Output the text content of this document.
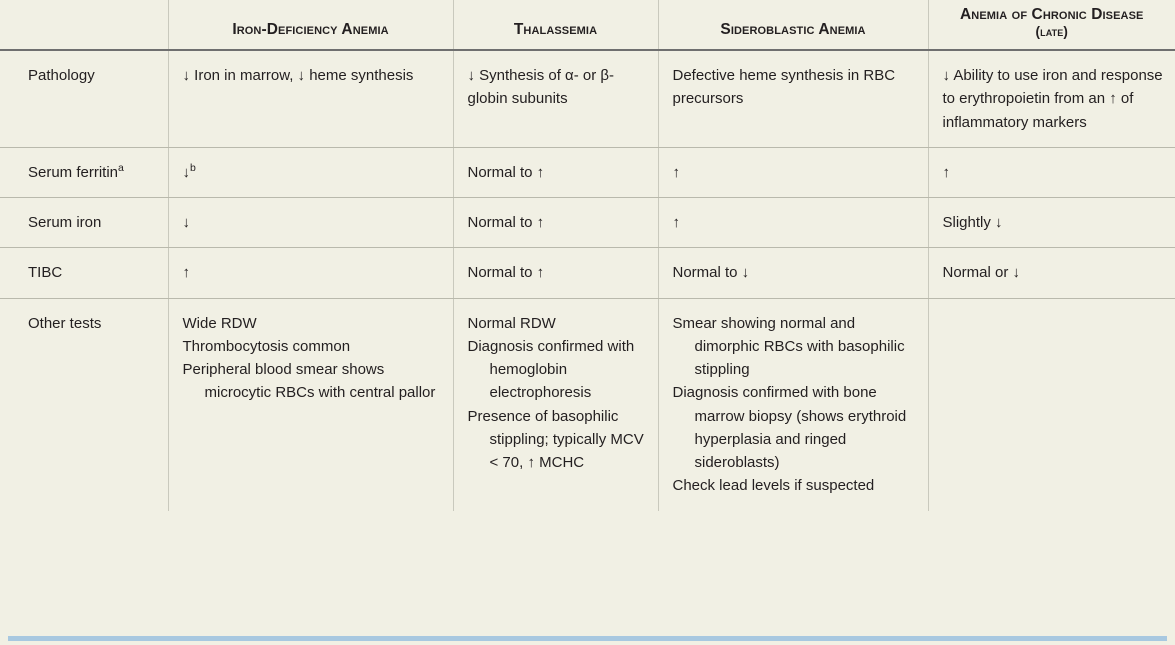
	Iron-Deficiency Anemia	Thalassemia	Sideroblastic Anemia	Anemia of Chronic Disease
(late)

Pathology	↓ Iron in marrow, ↓ heme synthesis	↓ Synthesis of α- or β-globin subunits	Defective heme synthesis in RBC precursors	↓ Ability to use iron and response to erythropoietin from an ↑ of inflammatory markers

Serum ferritin$^a$	↓$^b$	Normal to ↑	↑	↑

Serum iron	↓	Normal to ↑	↑	Slightly ↓

TIBC	↑	Normal to ↑	Normal to ↓	Normal or ↓

Other tests	Wide RDW
Thrombocytosis common
Peripheral blood smear shows microcytic RBCs with central pallor	Normal RDW
Diagnosis confirmed with hemoglobin electrophoresis
Presence of basophilic stippling; typically MCV < 70, ↑ MCHC	Smear showing normal and dimorphic RBCs with basophilic stippling
Diagnosis confirmed with bone marrow biopsy (shows erythroid hyperplasia and ringed sideroblasts)
Check lead levels if suspected	
